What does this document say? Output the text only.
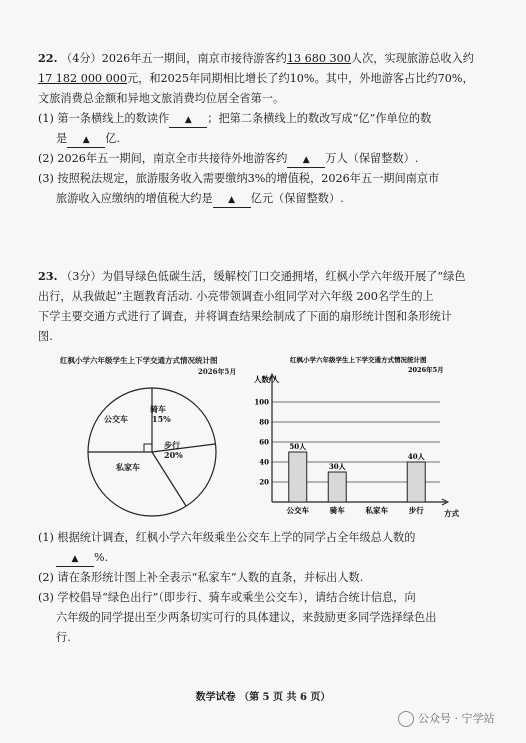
22. （4分）2026年五一期间，南京市接待游客约13 680 300人次，实现旅游总收入约

17 182 000 000元，和2025年同期相比增长了约10%。其中，外地游客占比约70%，

文旅消费总金额和异地文旅消费均位居全省第一。

(1) 第一条横线上的数读作 ▲ ；把第二条横线上的数改写成“亿”作单位的数

是 ▲ 亿.

(2) 2026年五一期间，南京全市共接待外地游客约 ▲ 万人（保留整数）.

(3) 按照税法规定，旅游服务收入需要缴纳3%的增值税，2026年五一期间南京市

旅游收入应缴纳的增值税大约是 ▲ 亿元（保留整数）.

23. （3分）为倡导绿色低碳生活，缓解校门口交通拥堵，红枫小学六年级开展了“绿色

出行，从我做起”主题教育活动. 小亮带领调查小组同学对六年级 200名学生的上

下学主要交通方式进行了调查，并将调查结果绘制成了下面的扇形统计图和条形统计

图.

红枫小学六年级学生上下学交通方式情况统计图
2026年5月
公交车
骑车
15%
步行
20%
私家车
红枫小学六年级学生上下学交通方式情况统计图
2026年5月
人数/人
20
40
60
80
100
方式
50人
公交车
30人
骑车	私家车
40人
步行

(1) 根据统计调查，红枫小学六年级乘坐公交车上学的同学占全年级总人数的

▲ %.

(2) 请在条形统计图上补全表示“私家车”人数的直条，并标出人数.

(3) 学校倡导“绿色出行”（即步行、骑车或乘坐公交车），请结合统计信息，向

六年级的同学提出至少两条切实可行的具体建议，来鼓励更多同学选择绿色出

行.

数学试卷 （第 5 页 共 6 页）
公众号 · 宁学站
